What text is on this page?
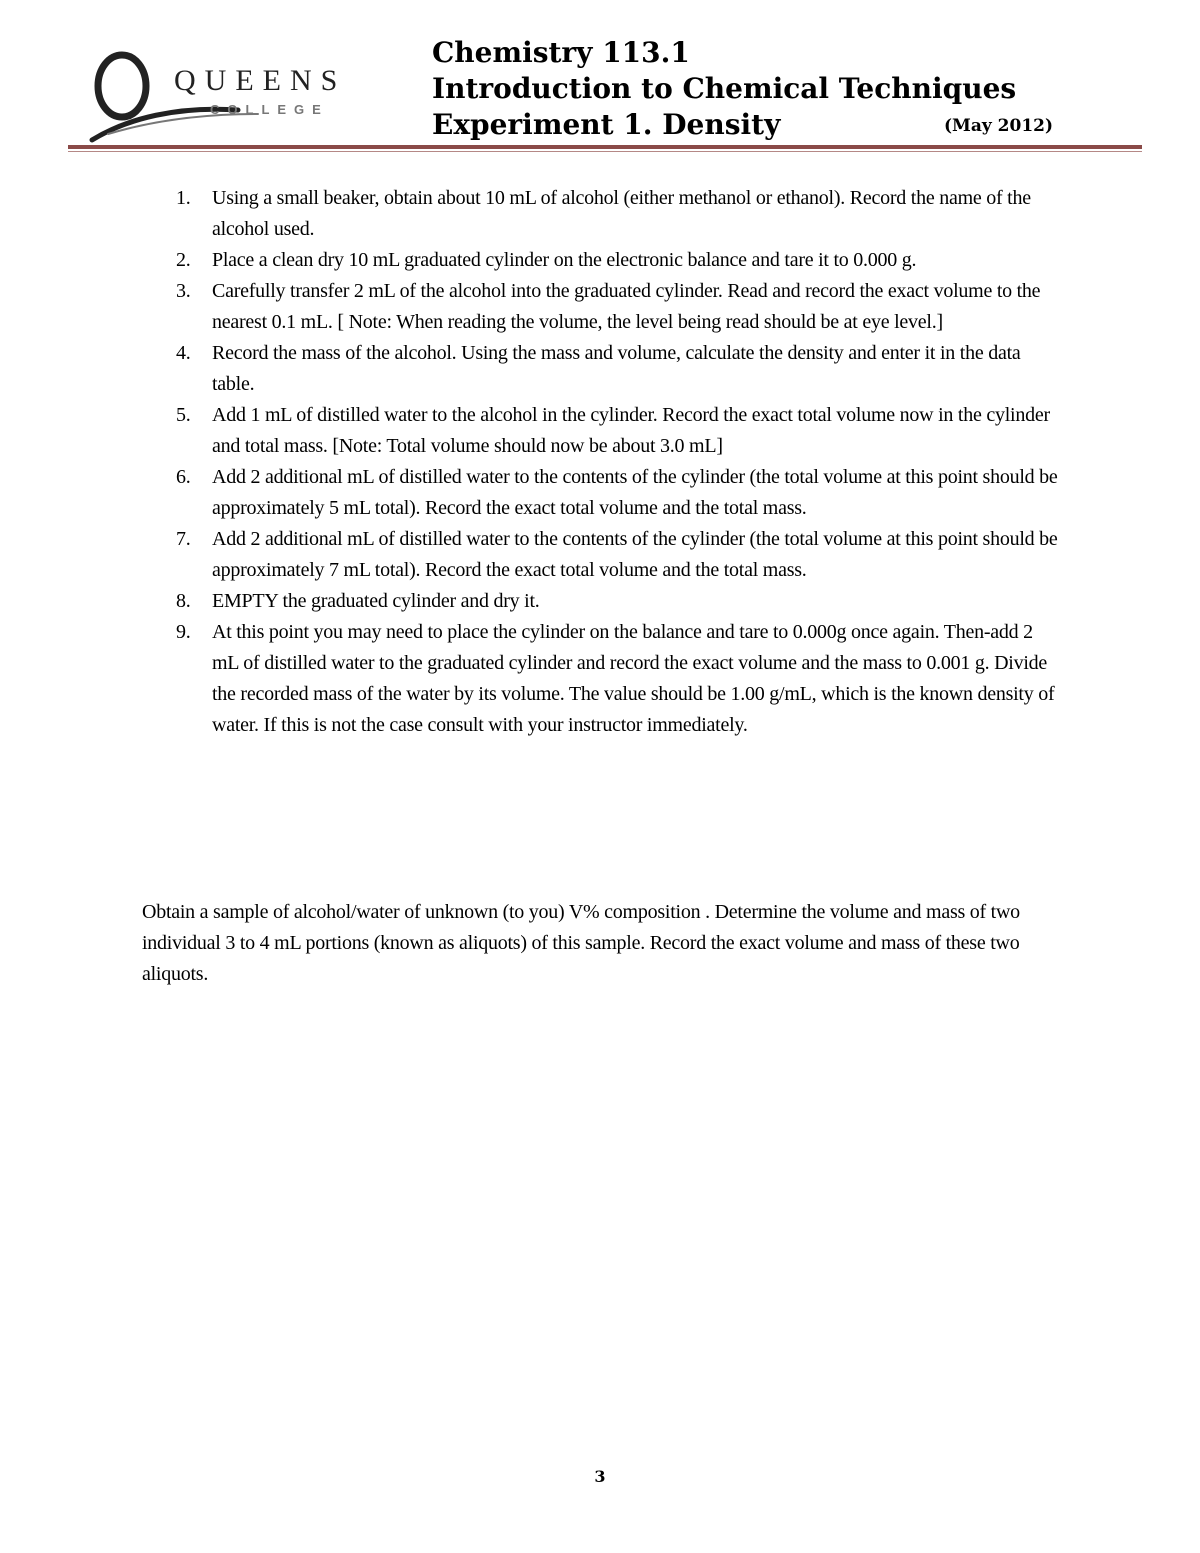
QUEENS
COLLEGE
Chemistry 113.1
Introduction to Chemical Techniques
Experiment 1. Density	(May 2012)
1. Using a small beaker, obtain about 10 mL of alcohol (either methanol or ethanol). Record the name of the alcohol used.
2. Place a clean dry 10 mL graduated cylinder on the electronic balance and tare it to 0.000 g.
3. Carefully transfer 2 mL of the alcohol into the graduated cylinder. Read and record the exact volume to the nearest 0.1 mL. [ Note: When reading the volume, the level being read should be at eye level.]
4. Record the mass of the alcohol. Using the mass and volume, calculate the density and enter it in the data table.
5. Add 1 mL of distilled water to the alcohol in the cylinder. Record the exact total volume now in the cylinder and total mass. [Note: Total volume should now be about 3.0 mL]
6. Add 2 additional mL of distilled water to the contents of the cylinder (the total volume at this point should be approximately 5 mL total). Record the exact total volume and the total mass.
7. Add 2 additional mL of distilled water to the contents of the cylinder (the total volume at this point should be approximately 7 mL total). Record the exact total volume and the total mass.
8. EMPTY the graduated cylinder and dry it.
9. At this point you may need to place the cylinder on the balance and tare to 0.000g once again. Then-add 2 mL of distilled water to the graduated cylinder and record the exact volume and the mass to 0.001 g. Divide the recorded mass of the water by its volume. The value should be 1.00 g/mL, which is the known density of water. If this is not the case consult with your instructor immediately.

Obtain a sample of alcohol/water of unknown (to you) V% composition . Determine the volume and mass of two individual 3 to 4 mL portions (known as aliquots) of this sample. Record the exact volume and mass of these two aliquots.

3
